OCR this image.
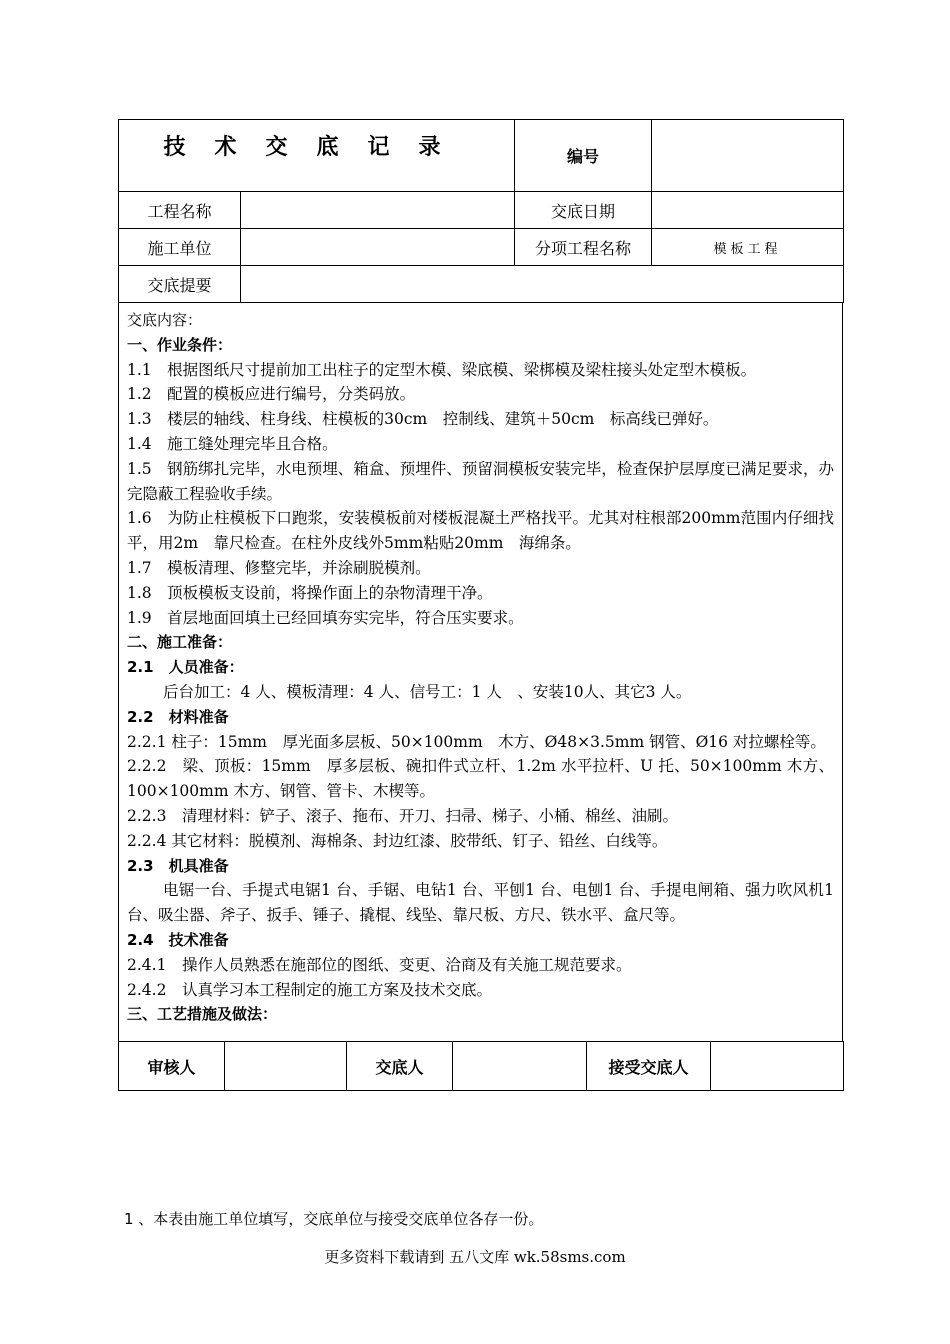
技术交底记录		编号	
工程名称		交底日期	
施工单位		分项工程名称	模板工程
交底提要			

交底内容：

一、作业条件：

1.1　根据图纸尺寸提前加工出柱子的定型木模、梁底模、梁梆模及梁柱接头处定型木模板。

1.2　配置的模板应进行编号，分类码放。

1.3　楼层的轴线、柱身线、柱模板的30cm　控制线、建筑＋50cm　标高线已弹好。

1.4　施工缝处理完毕且合格。

1.5　钢筋绑扎完毕，水电预埋、箱盒、预埋件、预留洞模板安装完毕，检查保护层厚度已满足要求，办完隐蔽工程验收手续。

1.6　为防止柱模板下口跑浆，安装模板前对楼板混凝土严格找平。尤其对柱根部200mm范围内仔细找平，用2m　靠尺检查。在柱外皮线外5mm粘贴20mm　海绵条。

1.7　模板清理、修整完毕，并涂刷脱模剂。

1.8　顶板模板支设前，将操作面上的杂物清理干净。

1.9　首层地面回填土已经回填夯实完毕，符合压实要求。

二、施工准备：

2.1　人员准备：

后台加工：4 人、模板清理：4 人、信号工：1 人　、安装10人、其它3 人。

2.2　材料准备

2.2.1 柱子：15mm　厚光面多层板、50×100mm　木方、Ø48×3.5mm 钢管、Ø16 对拉螺栓等。

2.2.2　梁、顶板：15mm　厚多层板、碗扣件式立杆、1.2m 水平拉杆、U 托、50×100mm 木方、100×100mm 木方、钢管、管卡、木楔等。

2.2.3　清理材料：铲子、滚子、拖布、开刀、扫帚、梯子、小桶、棉丝、油刷。

2.2.4 其它材料：脱模剂、海棉条、封边红漆、胶带纸、钉子、铅丝、白线等。

2.3　机具准备

电锯一台、手提式电锯1 台、手锯、电钻1 台、平刨1 台、电刨1 台、手提电闸箱、强力吹风机1 台、吸尘器、斧子、扳手、锤子、撬棍、线坠、靠尺板、方尺、铁水平、盒尺等。

2.4　技术准备

2.4.1　操作人员熟悉在施部位的图纸、变更、洽商及有关施工规范要求。

2.4.2　认真学习本工程制定的施工方案及技术交底。

三、工艺措施及做法：

审核人		交底人		接受交底人	
1 、本表由施工单位填写，交底单位与接受交底单位各存一份。
更多资料下载请到 五八文库 wk.58sms.com
